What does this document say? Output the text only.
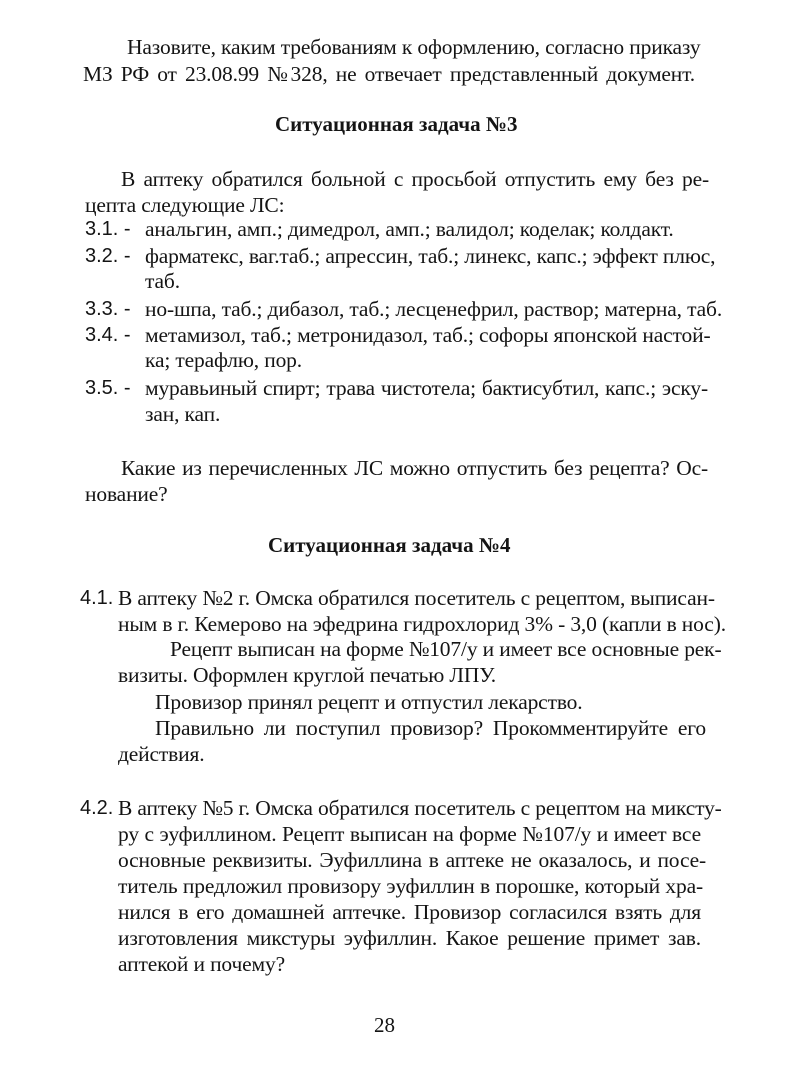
Назовите, каким требованиям к оформлению, согласно приказу
МЗ РФ от 23.08.99 №328, не отвечает представленный документ.
Ситуационная задача №3
В аптеку обратился больной с просьбой отпустить ему без ре-
цепта следующие ЛС:
3.1. - анальгин, амп.; димедрол, амп.; валидол; коделак; колдакт.
3.2. - фарматекс, ваг.таб.; апрессин, таб.; линекс, капс.; эффект плюс,
таб.
3.3. - но-шпа, таб.; дибазол, таб.; лесценефрил, раствор; матерна, таб.
3.4. - метамизол, таб.; метронидазол, таб.; софоры японской настой-
ка; терафлю, пор.
3.5. - муравьиный спирт; трава чистотела; бактисубтил, капс.; эску-
зан, кап.
Какие из перечисленных ЛС можно отпустить без рецепта? Ос-
нование?
Ситуационная задача №4
4.1. В аптеку №2 г. Омска обратился посетитель с рецептом, выписан-
ным в г. Кемерово на эфедрина гидрохлорид 3% - 3,0 (капли в нос).
Рецепт выписан на форме №107/у и имеет все основные рек-
визиты. Оформлен круглой печатью ЛПУ.
Провизор принял рецепт и отпустил лекарство.
Правильно ли поступил провизор? Прокомментируйте его
действия.
4.2. В аптеку №5 г. Омска обратился посетитель с рецептом на миксту-
ру с эуфиллином. Рецепт выписан на форме №107/у и имеет все
основные реквизиты. Эуфиллина в аптеке не оказалось, и посе-
титель предложил провизору эуфиллин в порошке, который хра-
нился в его домашней аптечке. Провизор согласился взять для
изготовления микстуры эуфиллин. Какое решение примет зав.
аптекой и почему?
28
